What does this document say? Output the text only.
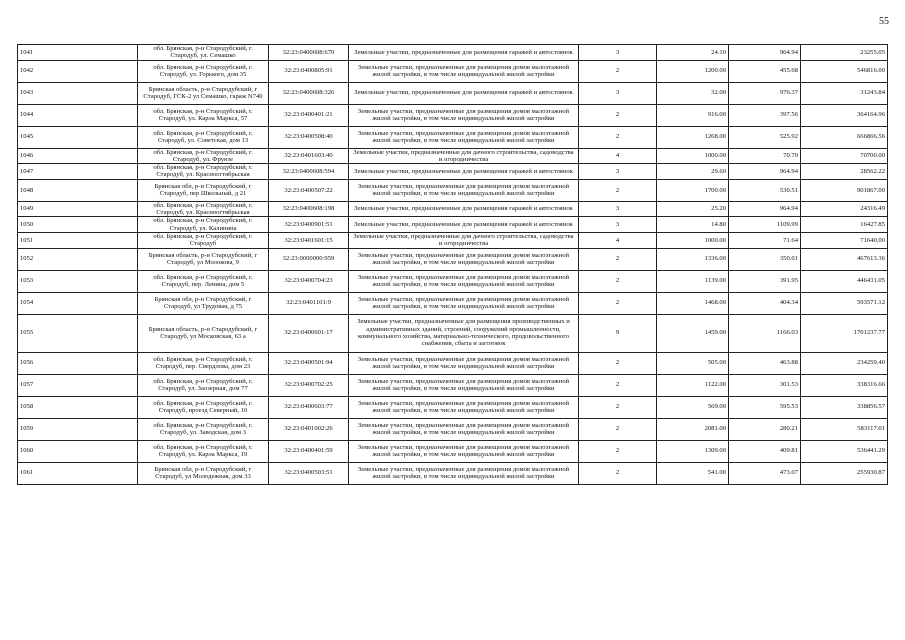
55
1041	обл. Брянская, р-н Стародубский, г. Стародуб, ул. Семашко	32:23:0400608:670	Земельные участки, предназначенные для размещения гаражей и автостоянок	3	24.10	964.94	23255.05
1042	обл. Брянская, р-н Стародубский, г. Стародуб, ул. Горького, дом 35	32:23:0400805:91	Земельные участки, предназначенные для размещения домов малоэтажной жилой застройки, в том числе индивидуальной жилой застройки	2	1200.00	455.68	546816.00
1043	Брянская область, р-н Стародубский, г Стародуб, ГСК-2 ул Семашко, гараж N740	32:23:0400608:326	Земельные участки, предназначенные для размещения гаражей и автостоянок	3	32.00	976.37	31243.84
1044	обл. Брянская, р-н Стародубский, г. Стародуб, ул. Карла Маркса, 57	32:23:0400401:21	Земельные участки, предназначенные для размещения домов малоэтажной жилой застройки, в том числе индивидуальной жилой застройки	2	916.00	397.56	364164.96
1045	обл. Брянская, р-н Стародубский, г. Стародуб, ул. Советская, дом 13	32:23:0400508:40	Земельные участки, предназначенные для размещения домов малоэтажной жилой застройки, в том числе индивидуальной жилой застройки	2	1268.00	525.92	666866.56
1046	обл. Брянская, р-н Стародубский, г. Стародуб, ул. Фрунзе	32:23:0401603:40	Земельные участки, предназначенные для дачного строительства, садоводства и огородничества	4	1000.00	70.70	70700.00
1047	обл. Брянская, р-н Стародубский, г. Стародуб, ул. Красноогтябрьская	32:23:0400608:594	Земельные участки, предназначенные для размещения гаражей и автостоянок	3	29.60	964.94	28562.22
1048	Брянская обл, р-н Стародубский, г Стародуб, пер Школьный, д 21	32:23:0400507:22	Земельные участки, предназначенные для размещения домов малоэтажной жилой застройки, в том числе индивидуальной жилой застройки	2	1700.00	530.51	901867.00
1049	обл. Брянская, р-н Стародубский, г. Стародуб, ул. Красноогтябрьская	32:23:0400608:198	Земельные участки, предназначенные для размещения гаражей и автостоянок	3	25.20	964.94	24316.49
1050	обл. Брянская, р-н Стародубский, г. Стародуб, ул. Калинина	32:23:0400901:51	Земельные участки, предназначенные для размещения гаражей и автостоянок	3	14.80	1109.99	16427.85
1051	обл. Брянская, р-н Стародубский, г. Стародуб	32:23:0401601:15	Земельные участки, предназначенные для дачного строительства, садоводства и огородничества	4	1000.00	71.64	71640.00
1052	Брянская область, р-н Стародубский, г Стародуб, ул Молокова, 9	32:23:0000000:959	Земельные участки, предназначенные для размещения домов малоэтажной жилой застройки, в том числе индивидуальной жилой застройки	2	1336.00	350.01	467613.36
1053	обл. Брянская, р-н Стародубский, г. Стародуб, пер. Ленина, дом 5	32:23:0400704:23	Земельные участки, предназначенные для размещения домов малоэтажной жилой застройки, в том числе индивидуальной жилой застройки	2	1139.00	391.95	446431.05
1054	Брянская обл, р-н Стародубский, г Стародуб, ул Трудовая, д 75	32:23:0401101:9	Земельные участки, предназначенные для размещения домов малоэтажной жилой застройки, в том числе индивидуальной жилой застройки	2	1468.00	404.34	593571.12
1055	Брянская область, р-н Стародубский, г Стародуб, ул Московская, 63 а	32:23:0400601:17	Земельные участки, предназначенные для размещения производственных и административных зданий, строений, сооружений промышленности, коммунального хозяйства, материально-технического, продовольственного снабжения, сбыта и заготовок	9	1459.00	1166.03	1701237.77
1056	обл. Брянская, р-н Стародубский, г. Стародуб, пер. Свердлова, дом 23	32:23:0400501:94	Земельные участки, предназначенные для размещения домов малоэтажной жилой застройки, в том числе индивидуальной жилой застройки	2	505.00	463.88	234259.40
1057	обл. Брянская, р-н Стародубский, г. Стародуб, ул. Заозерная, дом 77	32:23:0400702:25	Земельные участки, предназначенные для размещения домов малоэтажной жилой застройки, в том числе индивидуальной жилой застройки	2	1122.00	301.53	338316.66
1058	обл. Брянская, р-н Стародубский, г. Стародуб, проезд Северный, 10	32:23:0400603:77	Земельные участки, предназначенные для размещения домов малоэтажной жилой застройки, в том числе индивидуальной жилой застройки	2	569.00	595.53	338856.57
1059	обл. Брянская, р-н Стародубский, г. Стародуб, ул. Заводская, дом 3	32:23:0401002:26	Земельные участки, предназначенные для размещения домов малоэтажной жилой застройки, в том числе индивидуальной жилой застройки	2	2081.00	280.21	583117.01
1060	обл. Брянская, р-н Стародубский, г. Стародуб, ул. Карла Маркса, 19	32:23:0400401:59	Земельные участки, предназначенные для размещения домов малоэтажной жилой застройки, в том числе индивидуальной жилой застройки	2	1309.00	409.81	536441.29
1061	Брянская обл, р-н Стародубский, г Стародуб, ул Молодежная, дом 33	32:23:0400503:51	Земельные участки, предназначенные для размещения домов малоэтажной жилой застройки, в том числе индивидуальной жилой застройки	2	541.00	473.07	255930.87
